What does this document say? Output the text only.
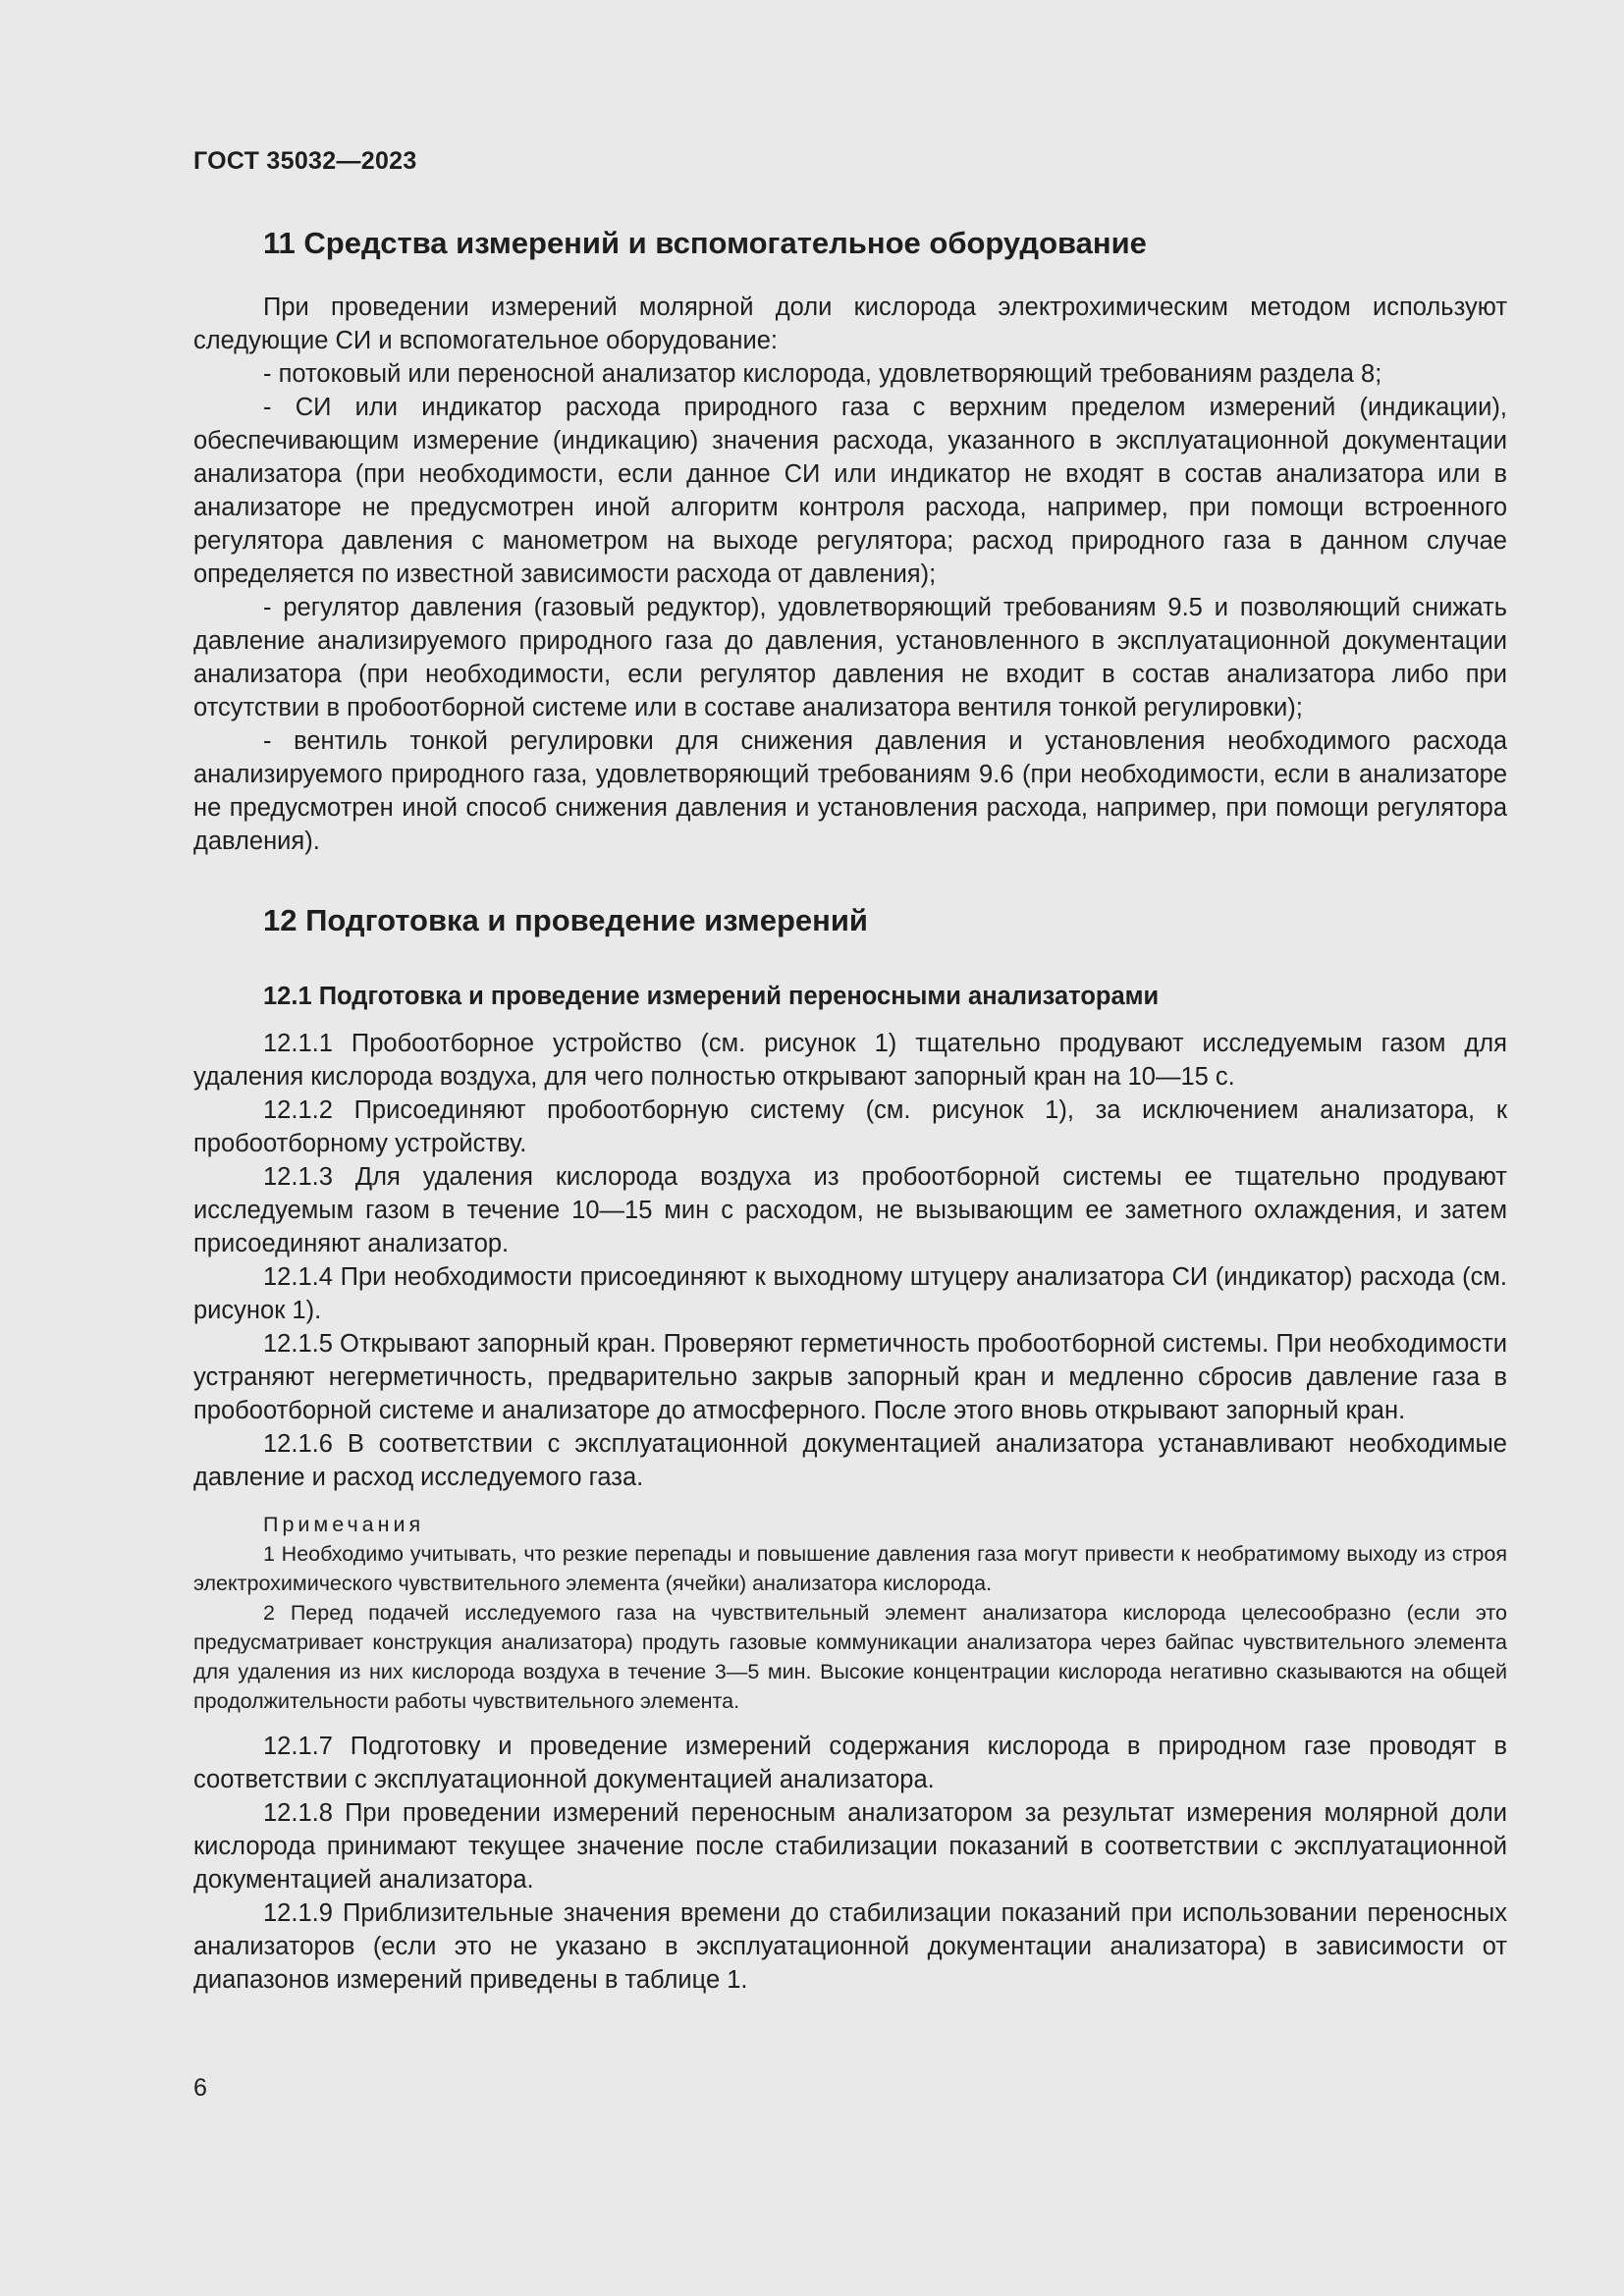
ГОСТ 35032—2023
11 Средства измерений и вспомогательное оборудование

При проведении измерений молярной доли кислорода электрохимическим методом используют следующие СИ и вспомогательное оборудование:

- потоковый или переносной анализатор кислорода, удовлетворяющий требованиям раздела 8;

- СИ или индикатор расхода природного газа с верхним пределом измерений (индикации), обеспечивающим измерение (индикацию) значения расхода, указанного в эксплуатационной документации анализатора (при необходимости, если данное СИ или индикатор не входят в состав анализатора или в анализаторе не предусмотрен иной алгоритм контроля расхода, например, при помощи встроенного регулятора давления с манометром на выходе регулятора; расход природного газа в данном случае определяется по известной зависимости расхода от давления);

- регулятор давления (газовый редуктор), удовлетворяющий требованиям 9.5 и позволяющий снижать давление анализируемого природного газа до давления, установленного в эксплуатационной документации анализатора (при необходимости, если регулятор давления не входит в состав анализатора либо при отсутствии в пробоотборной системе или в составе анализатора вентиля тонкой регулировки);

- вентиль тонкой регулировки для снижения давления и установления необходимого расхода анализируемого природного газа, удовлетворяющий требованиям 9.6 (при необходимости, если в анализаторе не предусмотрен иной способ снижения давления и установления расхода, например, при помощи регулятора давления).

12 Подготовка и проведение измерений
12.1 Подготовка и проведение измерений переносными анализаторами

12.1.1 Пробоотборное устройство (см. рисунок 1) тщательно продувают исследуемым газом для удаления кислорода воздуха, для чего полностью открывают запорный кран на 10—15 с.

12.1.2 Присоединяют пробоотборную систему (см. рисунок 1), за исключением анализатора, к пробоотборному устройству.

12.1.3 Для удаления кислорода воздуха из пробоотборной системы ее тщательно продувают исследуемым газом в течение 10—15 мин с расходом, не вызывающим ее заметного охлаждения, и затем присоединяют анализатор.

12.1.4 При необходимости присоединяют к выходному штуцеру анализатора СИ (индикатор) расхода (см. рисунок 1).

12.1.5 Открывают запорный кран. Проверяют герметичность пробоотборной системы. При необходимости устраняют негерметичность, предварительно закрыв запорный кран и медленно сбросив давление газа в пробоотборной системе и анализаторе до атмосферного. После этого вновь открывают запорный кран.

12.1.6 В соответствии с эксплуатационной документацией анализатора устанавливают необходимые давление и расход исследуемого газа.

Примечания

1 Необходимо учитывать, что резкие перепады и повышение давления газа могут привести к необратимому выходу из строя электрохимического чувствительного элемента (ячейки) анализатора кислорода.

2 Перед подачей исследуемого газа на чувствительный элемент анализатора кислорода целесообразно (если это предусматривает конструкция анализатора) продуть газовые коммуникации анализатора через байпас чувствительного элемента для удаления из них кислорода воздуха в течение 3—5 мин. Высокие концентрации кислорода негативно сказываются на общей продолжительности работы чувствительного элемента.

12.1.7 Подготовку и проведение измерений содержания кислорода в природном газе проводят в соответствии с эксплуатационной документацией анализатора.

12.1.8 При проведении измерений переносным анализатором за результат измерения молярной доли кислорода принимают текущее значение после стабилизации показаний в соответствии с эксплуатационной документацией анализатора.

12.1.9 Приблизительные значения времени до стабилизации показаний при использовании переносных анализаторов (если это не указано в эксплуатационной документации анализатора) в зависимости от диапазонов измерений приведены в таблице 1.

6
